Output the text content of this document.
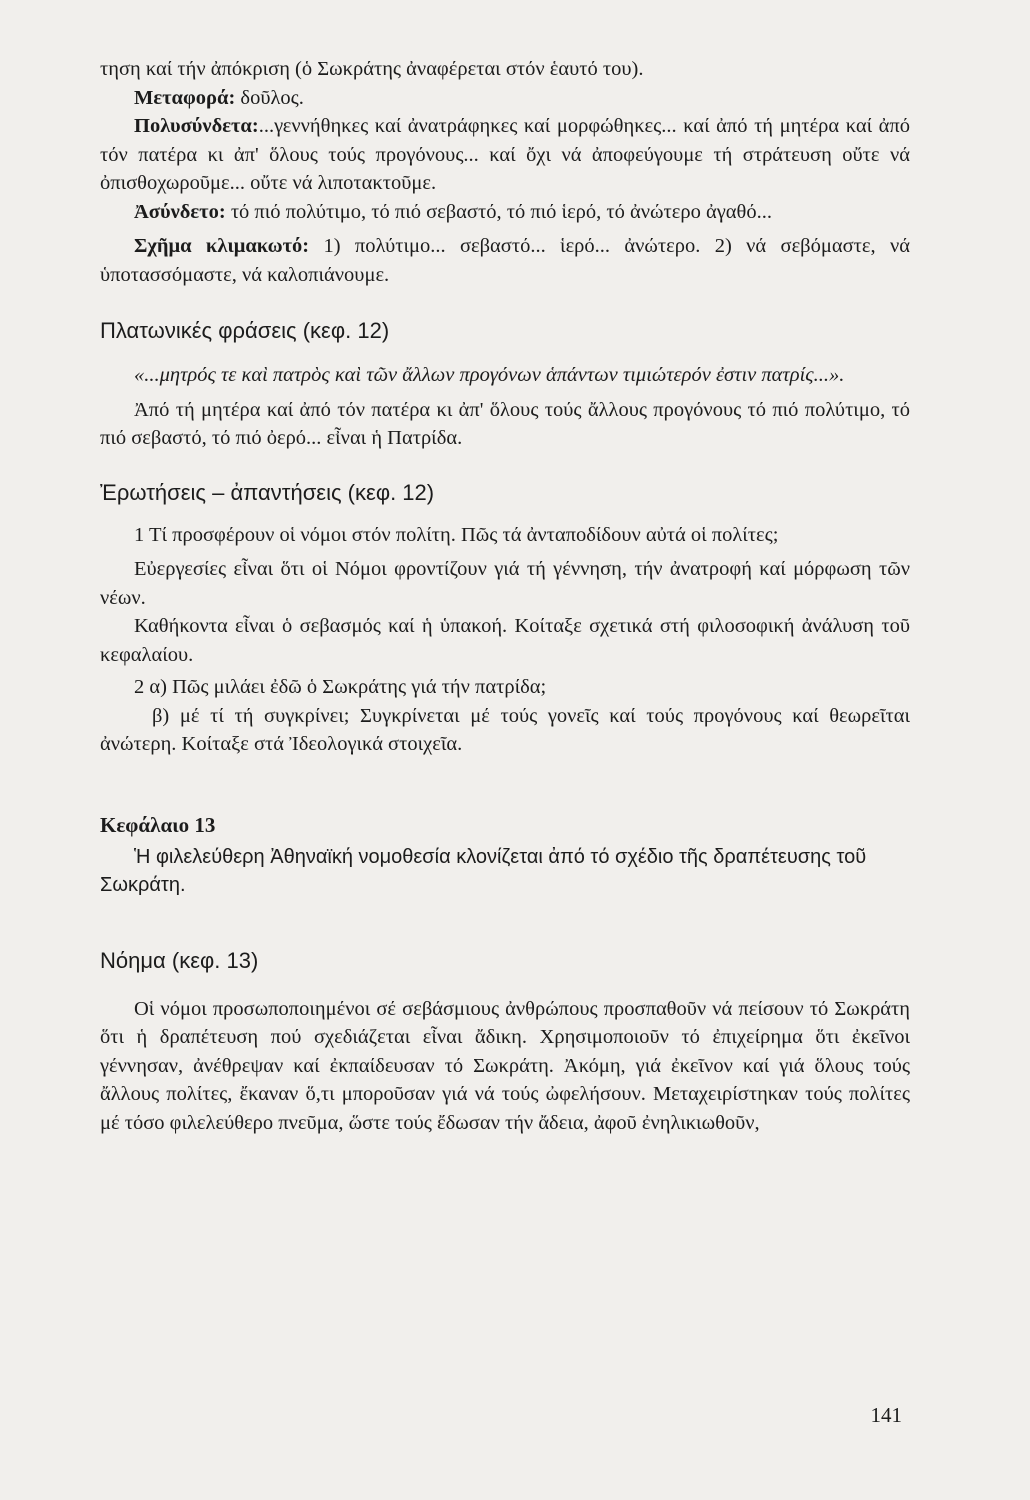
τηση καί τήν ἀπόκριση (ὁ Σωκράτης ἀναφέρεται στόν ἑαυτό του).

Μεταφορά: δοῦλος.

Πολυσύνδετα:...γεννήθηκες καί ἀνατράφηκες καί μορφώθηκες... καί ἀπό τή μητέρα καί ἀπό τόν πατέρα κι ἀπ' ὅλους τούς προγόνους... καί ὄχι νά ἀποφεύγουμε τή στράτευση οὔτε νά ὀπισθοχωροῦμε... οὔτε νά λιποτακτοῦμε.

Ἀσύνδετο: τό πιό πολύτιμο, τό πιό σεβαστό, τό πιό ἱερό, τό ἀνώτερο ἀγαθό...

Σχῆμα κλιμακωτό: 1) πολύτιμο... σεβαστό... ἱερό... ἀνώτερο. 2) νά σεβόμαστε, νά ὑποτασσόμαστε, νά καλοπιάνουμε.

Πλατωνικές φράσεις (κεφ. 12)

«...μητρός τε καὶ πατρὸς καὶ τῶν ἄλλων προγόνων ἁπάντων τιμιώτερόν ἐστιν πατρίς...».

Ἀπό τή μητέρα καί ἀπό τόν πατέρα κι ἀπ' ὅλους τούς ἄλλους προγόνους τό πιό πολύτιμο, τό πιό σεβαστό, τό πιό ὀερό... εἶναι ἡ Πατρίδα.

Ἐρωτήσεις – ἀπαντήσεις (κεφ. 12)

1 Τί προσφέρουν οἱ νόμοι στόν πολίτη. Πῶς τά ἀνταποδίδουν αὐτά οἱ πολίτες;

Εὐεργεσίες εἶναι ὅτι οἱ Νόμοι φροντίζουν γιά τή γέννηση, τήν ἀνατροφή καί μόρφωση τῶν νέων.

Καθήκοντα εἶναι ὁ σεβασμός καί ἡ ὑπακοή. Κοίταξε σχετικά στή φιλοσοφική ἀνάλυση τοῦ κεφαλαίου.

2 α) Πῶς μιλάει ἐδῶ ὁ Σωκράτης γιά τήν πατρίδα;

β) μέ τί τή συγκρίνει; Συγκρίνεται μέ τούς γονεῖς καί τούς προγόνους καί θεωρεῖται ἀνώτερη. Κοίταξε στά Ἰδεολογικά στοιχεῖα.

Κεφάλαιο 13

Ἡ φιλελεύθερη Ἀθηναϊκή νομοθεσία κλονίζεται ἀπό τό σχέδιο τῆς δραπέτευσης τοῦ Σωκράτη.

Νόημα (κεφ. 13)

Οἱ νόμοι προσωποποιημένοι σέ σεβάσμιους ἀνθρώπους προσπαθοῦν νά πείσουν τό Σωκράτη ὅτι ἡ δραπέτευση πού σχεδιάζεται εἶναι ἄδικη. Χρησιμοποιοῦν τό ἐπιχείρημα ὅτι ἐκεῖνοι γέννησαν, ἀνέθρεψαν καί ἐκπαίδευσαν τό Σωκράτη. Ἀκόμη, γιά ἐκεῖνον καί γιά ὅλους τούς ἄλλους πολίτες, ἔκαναν ὅ,τι μποροῦσαν γιά νά τούς ὠφελήσουν. Μεταχειρίστηκαν τούς πολίτες μέ τόσο φιλελεύθερο πνεῦμα, ὥστε τούς ἔδωσαν τήν ἄδεια, ἀφοῦ ἐνηλικιωθοῦν,

141
